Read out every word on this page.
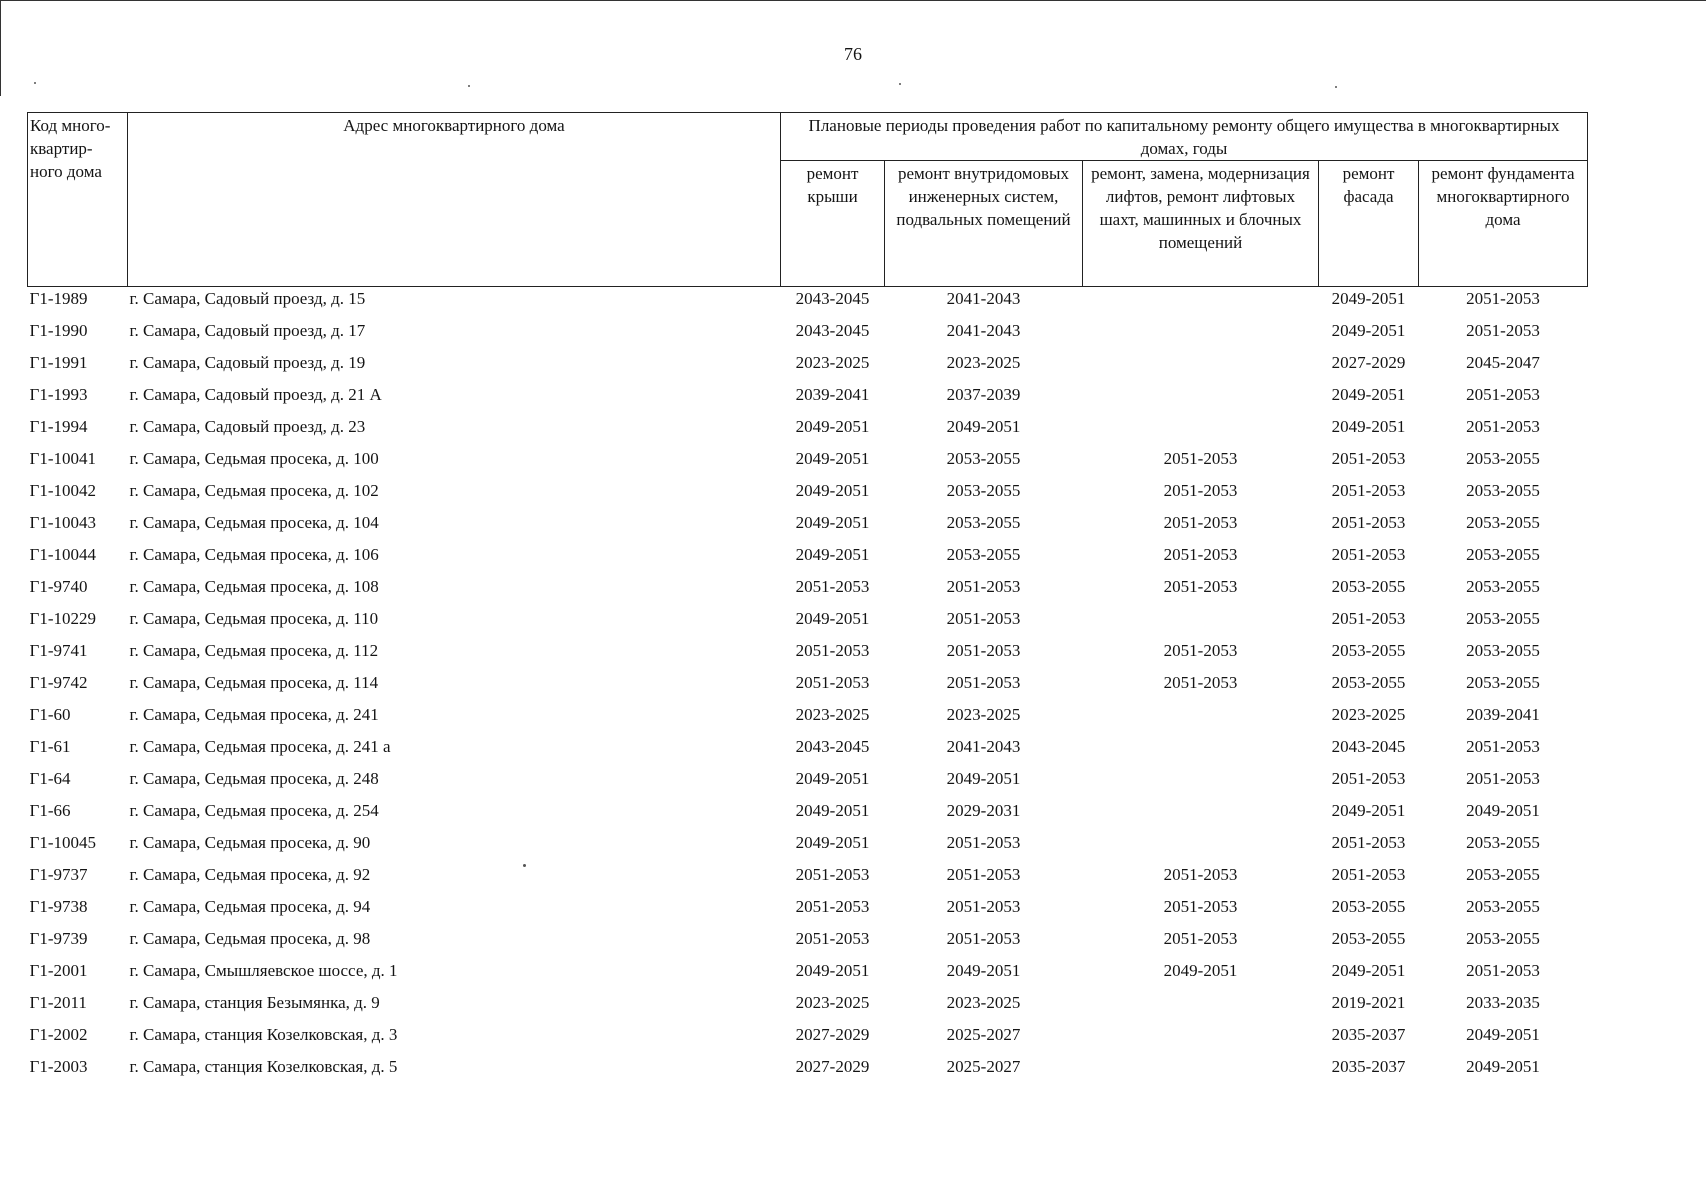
76
Код много-квартир-ного дома	Адрес многоквартирного дома	Плановые периоды проведения работ по капитальному ремонту общего имущества в многоквартирных домах, годы				
		ремонт крыши	ремонт внутридомовых инженерных систем, подвальных помещений	ремонт, замена, модернизация лифтов, ремонт лифтовых шахт, машинных и блочных помещений	ремонт фасада	ремонт фундамента многоквартирного дома
Г1-1989	г. Самара, Садовый проезд, д. 15	2043-2045	2041-2043		2049-2051	2051-2053
Г1-1990	г. Самара, Садовый проезд, д. 17	2043-2045	2041-2043		2049-2051	2051-2053
Г1-1991	г. Самара, Садовый проезд, д. 19	2023-2025	2023-2025		2027-2029	2045-2047
Г1-1993	г. Самара, Садовый проезд, д. 21 А	2039-2041	2037-2039		2049-2051	2051-2053
Г1-1994	г. Самара, Садовый проезд, д. 23	2049-2051	2049-2051		2049-2051	2051-2053
Г1-10041	г. Самара, Седьмая просека, д. 100	2049-2051	2053-2055	2051-2053	2051-2053	2053-2055
Г1-10042	г. Самара, Седьмая просека, д. 102	2049-2051	2053-2055	2051-2053	2051-2053	2053-2055
Г1-10043	г. Самара, Седьмая просека, д. 104	2049-2051	2053-2055	2051-2053	2051-2053	2053-2055
Г1-10044	г. Самара, Седьмая просека, д. 106	2049-2051	2053-2055	2051-2053	2051-2053	2053-2055
Г1-9740	г. Самара, Седьмая просека, д. 108	2051-2053	2051-2053	2051-2053	2053-2055	2053-2055
Г1-10229	г. Самара, Седьмая просека, д. 110	2049-2051	2051-2053		2051-2053	2053-2055
Г1-9741	г. Самара, Седьмая просека, д. 112	2051-2053	2051-2053	2051-2053	2053-2055	2053-2055
Г1-9742	г. Самара, Седьмая просека, д. 114	2051-2053	2051-2053	2051-2053	2053-2055	2053-2055
Г1-60	г. Самара, Седьмая просека, д. 241	2023-2025	2023-2025		2023-2025	2039-2041
Г1-61	г. Самара, Седьмая просека, д. 241 а	2043-2045	2041-2043		2043-2045	2051-2053
Г1-64	г. Самара, Седьмая просека, д. 248	2049-2051	2049-2051		2051-2053	2051-2053
Г1-66	г. Самара, Седьмая просека, д. 254	2049-2051	2029-2031		2049-2051	2049-2051
Г1-10045	г. Самара, Седьмая просека, д. 90	2049-2051	2051-2053		2051-2053	2053-2055
Г1-9737	г. Самара, Седьмая просека, д. 92	2051-2053	2051-2053	2051-2053	2051-2053	2053-2055
Г1-9738	г. Самара, Седьмая просека, д. 94	2051-2053	2051-2053	2051-2053	2053-2055	2053-2055
Г1-9739	г. Самара, Седьмая просека, д. 98	2051-2053	2051-2053	2051-2053	2053-2055	2053-2055
Г1-2001	г. Самара, Смышляевское шоссе, д. 1	2049-2051	2049-2051	2049-2051	2049-2051	2051-2053
Г1-2011	г. Самара, станция Безымянка, д. 9	2023-2025	2023-2025		2019-2021	2033-2035
Г1-2002	г. Самара, станция Козелковская, д. 3	2027-2029	2025-2027		2035-2037	2049-2051
Г1-2003	г. Самара, станция Козелковская, д. 5	2027-2029	2025-2027		2035-2037	2049-2051
